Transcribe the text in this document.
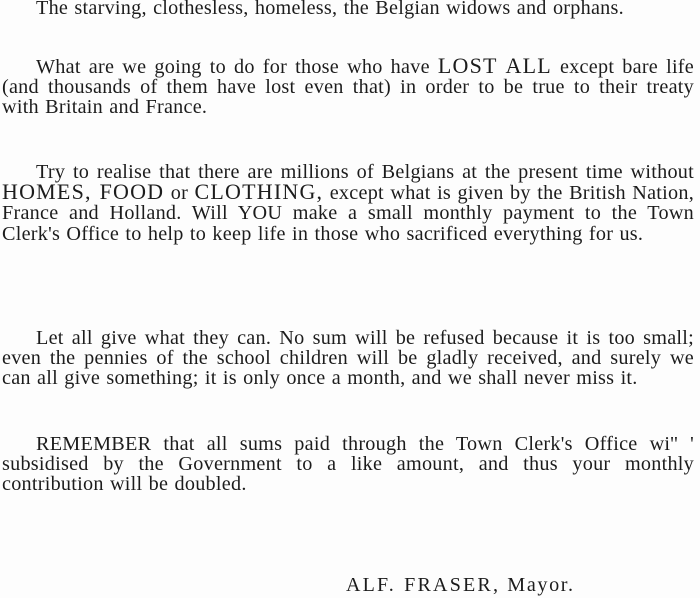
The starving, clothesless, homeless, the Belgian widows and orphans.

What are we going to do for those who have LOST ALL except bare life (and thousands of them have lost even that) in order to be true to their treaty with Britain and France.

Try to realise that there are millions of Belgians at the present time without HOMES, FOOD or CLOTHING, except what is given by the British Nation, France and Holland. Will YOU make a small monthly payment to the Town Clerk's Office to help to keep life in those who sacrificed everything for us.

Let all give what they can. No sum will be refused because it is too small; even the pennies of the school children will be gladly received, and surely we can all give something; it is only once a month, and we shall never miss it.

REMEMBER that all sums paid through the Town Clerk's Office wi'' ' subsidised by the Government to a like amount, and thus your monthly contribution will be doubled.

ALF. FRASER, Mayor.
